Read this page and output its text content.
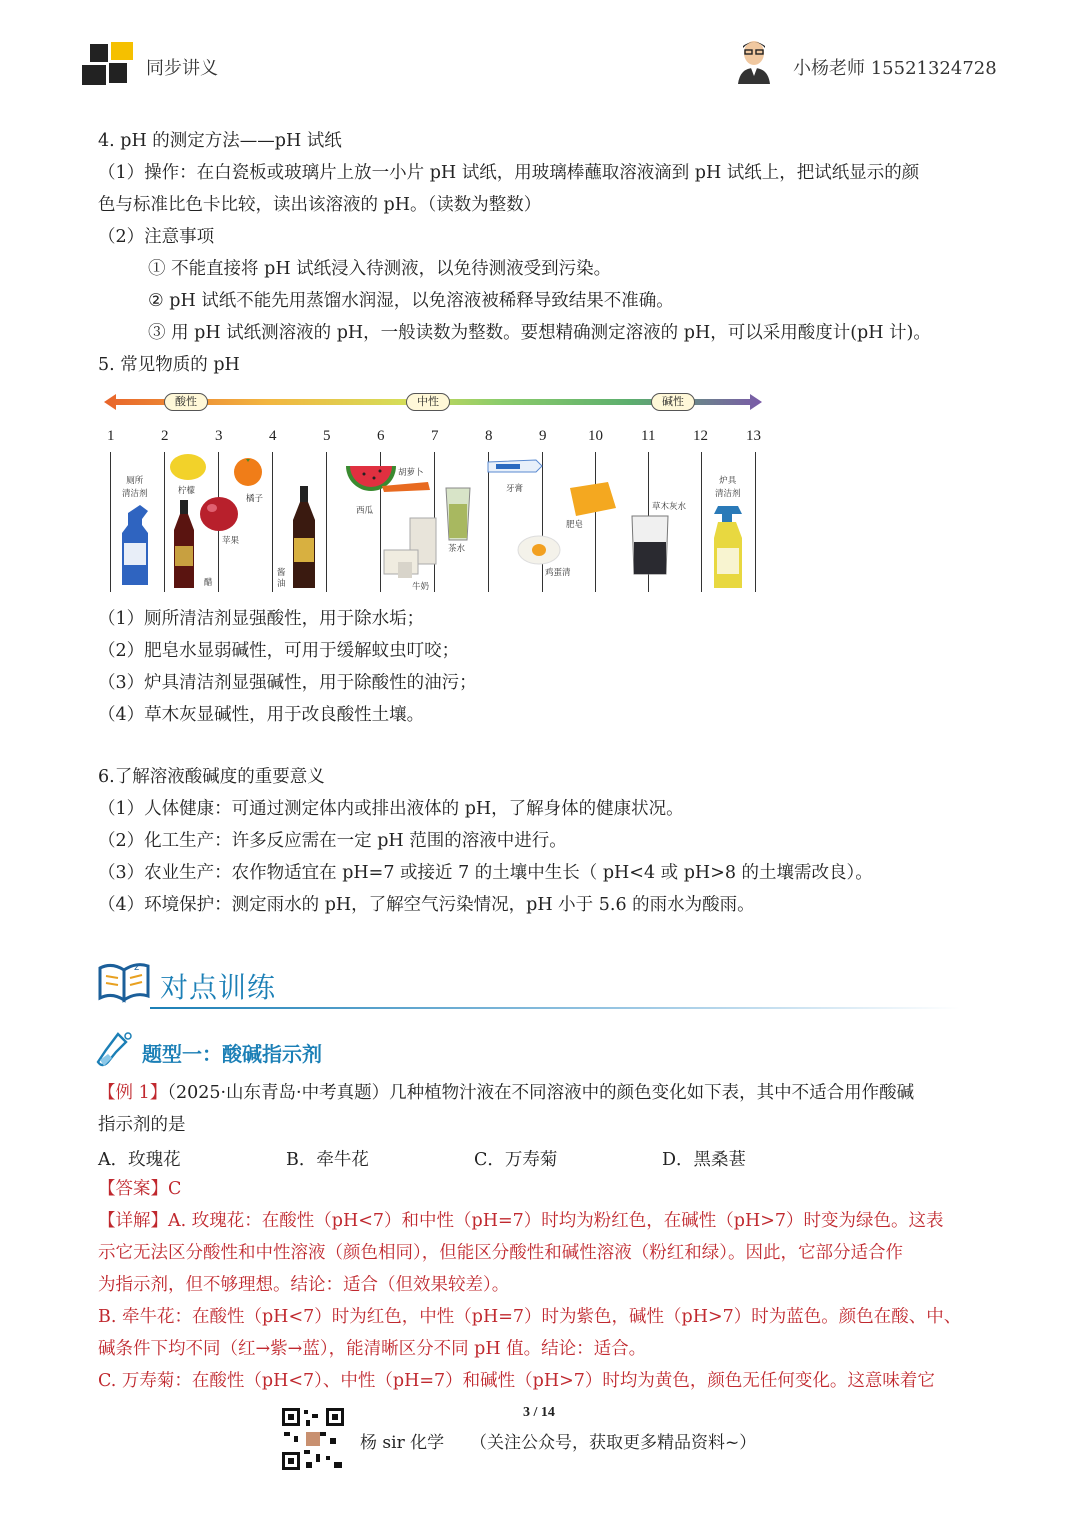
同步讲义	小杨老师 15521324728
4. pH 的测定方法——pH 试纸
（1）操作：在白瓷板或玻璃片上放一小片 pH 试纸，用玻璃棒蘸取溶液滴到 pH 试纸上，把试纸显示的颜
色与标准比色卡比较，读出该溶液的 pH。（读数为整数）
（2）注意事项
① 不能直接将 pH 试纸浸入待测液，以免待测液受到污染。
② pH 试纸不能先用蒸馏水润湿，以免溶液被稀释导致结果不准确。
③ 用 pH 试纸测溶液的 pH，一般读数为整数。要想精确测定溶液的 pH，可以采用酸度计(pH 计)。
5. 常见物质的 pH
酸性	中性	碱性
1	2	3	4	5	6	7	8	9	10	11	12	13
厕所
清洁剂	柠檬
醋
橘子
苹果
酱
油
西瓜
胡萝卜
牛奶
茶水
牙膏
鸡蛋清
肥皂
草木灰水
炉具
清洁剂
（1）厕所清洁剂显强酸性，用于除水垢；
（2）肥皂水显弱碱性，可用于缓解蚊虫叮咬；
（3）炉具清洁剂显强碱性，用于除酸性的油污；
（4）草木灰显碱性，用于改良酸性土壤。
6.了解溶液酸碱度的重要意义
（1）人体健康：可通过测定体内或排出液体的 pH，了解身体的健康状况。
（2）化工生产：许多反应需在一定 pH 范围的溶液中进行。
（3）农业生产：农作物适宜在 pH=7 或接近 7 的土壤中生长（ pH<4 或 pH>8 的土壤需改良）。
（4）环境保护：测定雨水的 pH，了解空气污染情况，pH 小于 5.6 的雨水为酸雨。
z
对点训练
题型一：酸碱指示剂
【例 1】（2025·山东青岛·中考真题）几种植物汁液在不同溶液中的颜色变化如下表，其中不适合用作酸碱
指示剂的是
A．玫瑰花	B．牵牛花	C．万寿菊	D．黑桑葚
【答案】C
【详解】A. 玫瑰花：在酸性（pH<7）和中性（pH=7）时均为粉红色，在碱性（pH>7）时变为绿色。这表
示它无法区分酸性和中性溶液（颜色相同），但能区分酸性和碱性溶液（粉红和绿）。因此，它部分适合作
为指示剂，但不够理想。结论：适合（但效果较差）。
B. 牵牛花：在酸性（pH<7）时为红色，中性（pH=7）时为紫色，碱性（pH>7）时为蓝色。颜色在酸、中、
碱条件下均不同（红→紫→蓝），能清晰区分不同 pH 值。结论：适合。
C. 万寿菊：在酸性（pH<7）、中性（pH=7）和碱性（pH>7）时均为黄色，颜色无任何变化。这意味着它
3 / 14
杨 sir 化学 （关注公众号，获取更多精品资料~）
